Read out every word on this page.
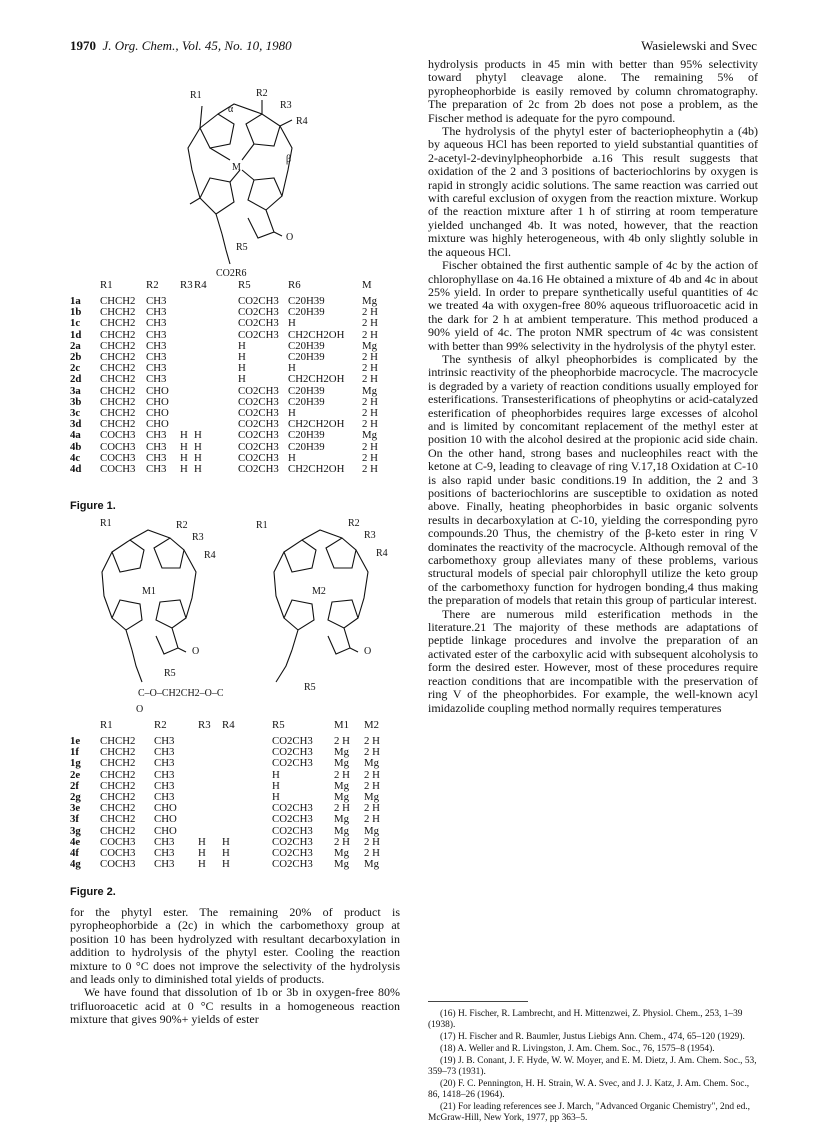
1970 J. Org. Chem., Vol. 45, No. 10, 1980	Wasielewski and Svec
R1	R2
R3
R4
M
α
β
R5
CO2R6
O
	R1	R2	R3	R4	R5	R6	M
1a	CHCH2	CH3			CO2CH3	C20H39	Mg
1b	CHCH2	CH3			CO2CH3	C20H39	2 H
1c	CHCH2	CH3			CO2CH3	H	2 H
1d	CHCH2	CH3			CO2CH3	CH2CH2OH	2 H
2a	CHCH2	CH3			H	C20H39	Mg
2b	CHCH2	CH3			H	C20H39	2 H
2c	CHCH2	CH3			H	H	2 H
2d	CHCH2	CH3			H	CH2CH2OH	2 H
3a	CHCH2	CHO			CO2CH3	C20H39	Mg
3b	CHCH2	CHO			CO2CH3	C20H39	2 H
3c	CHCH2	CHO			CO2CH3	H	2 H
3d	CHCH2	CHO			CO2CH3	CH2CH2OH	2 H
4a	COCH3	CH3	H	H	CO2CH3	C20H39	Mg
4b	COCH3	CH3	H	H	CO2CH3	C20H39	2 H
4c	COCH3	CH3	H	H	CO2CH3	H	2 H
4d	COCH3	CH3	H	H	CO2CH3	CH2CH2OH	2 H
Figure 1.
R1	R2
R3
R4
M1
R5
R1	R2
R3
R4
M2
R5
C–O–CH2CH2–O–C
O
O	O
	R1	R2	R3	R4	R5	M1	M2
1e	CHCH2	CH3			CO2CH3	2 H	2 H
1f	CHCH2	CH3			CO2CH3	Mg	2 H
1g	CHCH2	CH3			CO2CH3	Mg	Mg
2e	CHCH2	CH3			H	2 H	2 H
2f	CHCH2	CH3			H	Mg	2 H
2g	CHCH2	CH3			H	Mg	Mg
3e	CHCH2	CHO			CO2CH3	2 H	2 H
3f	CHCH2	CHO			CO2CH3	Mg	2 H
3g	CHCH2	CHO			CO2CH3	Mg	Mg
4e	COCH3	CH3	H	H	CO2CH3	2 H	2 H
4f	COCH3	CH3	H	H	CO2CH3	Mg	2 H
4g	COCH3	CH3	H	H	CO2CH3	Mg	Mg
Figure 2.

for the phytyl ester. The remaining 20% of product is pyropheophorbide a (2c) in which the carbomethoxy group at position 10 has been hydrolyzed with resultant decarboxylation in addition to hydrolysis of the phytyl ester. Cooling the reaction mixture to 0 °C does not improve the selectivity of the hydrolysis and leads only to diminished total yields of products.

We have found that dissolution of 1b or 3b in oxygen-free 80% trifluoroacetic acid at 0 °C results in a homogeneous reaction mixture that gives 90%+ yields of ester

hydrolysis products in 45 min with better than 95% selectivity toward phytyl cleavage alone. The remaining 5% of pyropheophorbide is easily removed by column chromatography. The preparation of 2c from 2b does not pose a problem, as the Fischer method is adequate for the pyro compound.

The hydrolysis of the phytyl ester of bacteriopheophytin a (4b) by aqueous HCl has been reported to yield substantial quantities of 2-acetyl-2-devinylpheophorbide a.16 This result suggests that oxidation of the 2 and 3 positions of bacteriochlorins by oxygen is rapid in strongly acidic solutions. The same reaction was carried out with careful exclusion of oxygen from the reaction mixture. Workup of the reaction mixture after 1 h of stirring at room temperature yielded unchanged 4b. It was noted, however, that the reaction mixture was highly heterogeneous, with 4b only slightly soluble in the aqueous HCl.

Fischer obtained the first authentic sample of 4c by the action of chlorophyllase on 4a.16 He obtained a mixture of 4b and 4c in about 25% yield. In order to prepare synthetically useful quantities of 4c we treated 4a with oxygen-free 80% aqueous trifluoroacetic acid in the dark for 2 h at ambient temperature. This method produced a 90% yield of 4c. The proton NMR spectrum of 4c was consistent with better than 99% selectivity in the hydrolysis of the phytyl ester.

The synthesis of alkyl pheophorbides is complicated by the intrinsic reactivity of the pheophorbide macrocycle. The macrocycle is degraded by a variety of reaction conditions usually employed for esterifications. Transesterifications of pheophytins or acid-catalyzed esterification of pheophorbides requires large excesses of alcohol and is limited by concomitant replacement of the methyl ester at position 10 with the alcohol desired at the propionic acid side chain. On the other hand, strong bases and nucleophiles react with the ketone at C-9, leading to cleavage of ring V.17,18 Oxidation at C-10 is also rapid under basic conditions.19 In addition, the 2 and 3 positions of bacteriochlorins are susceptible to oxidation as noted above. Finally, heating pheophorbides in basic organic solvents results in decarboxylation at C-10, yielding the corresponding pyro compounds.20 Thus, the chemistry of the β-keto ester in ring V dominates the reactivity of the macrocycle. Although removal of the carbomethoxy group alleviates many of these problems, various structural models of special pair chlorophyll utilize the keto group of the carbomethoxy function for hydrogen bonding,4 thus making the preparation of models that retain this group of particular interest.

There are numerous mild esterification methods in the literature.21 The majority of these methods are adaptations of peptide linkage procedures and involve the preparation of an activated ester of the carboxylic acid with subsequent alcoholysis to form the desired ester. However, most of these procedures require reaction conditions that are incompatible with the preservation of ring V of the pheophorbides. For example, the well-known acyl imidazolide coupling method normally requires temperatures

(16) H. Fischer, R. Lambrecht, and H. Mittenzwei, Z. Physiol. Chem., 253, 1–39 (1938).

(17) H. Fischer and R. Baumler, Justus Liebigs Ann. Chem., 474, 65–120 (1929).

(18) A. Weller and R. Livingston, J. Am. Chem. Soc., 76, 1575–8 (1954).

(19) J. B. Conant, J. F. Hyde, W. W. Moyer, and E. M. Dietz, J. Am. Chem. Soc., 53, 359–73 (1931).

(20) F. C. Pennington, H. H. Strain, W. A. Svec, and J. J. Katz, J. Am. Chem. Soc., 86, 1418–26 (1964).

(21) For leading references see J. March, "Advanced Organic Chemistry", 2nd ed., McGraw-Hill, New York, 1977, pp 363–5.
